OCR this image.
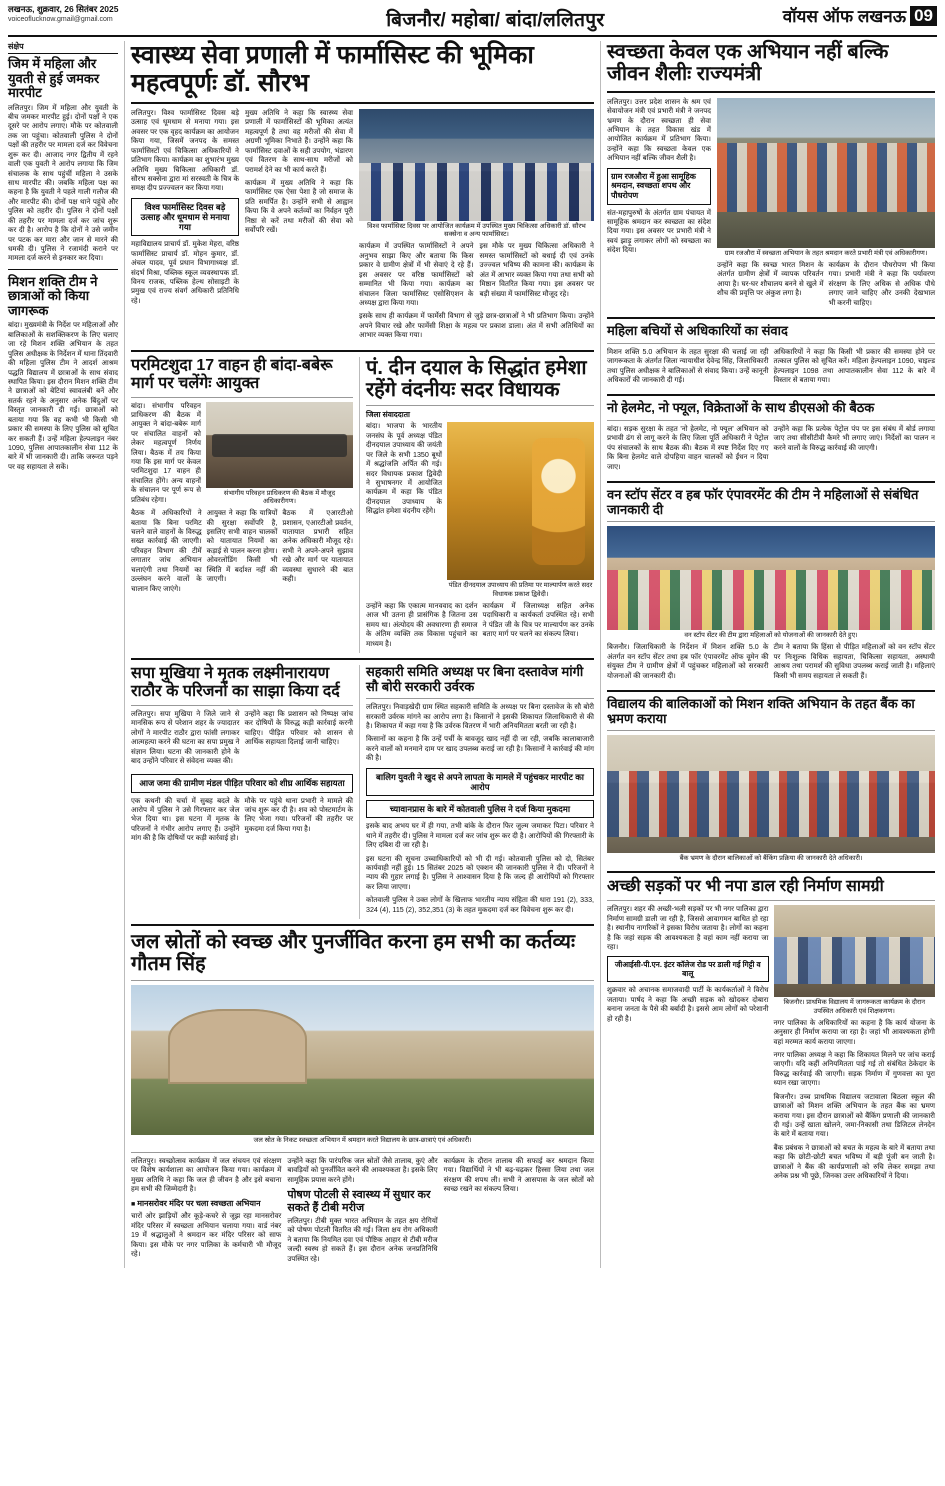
लखनऊ, शुक्रवार, 26 सितंबर 2025
voiceoflucknow.gmail@gmail.com	बिजनौर/ महोबा/ बांदा/ललितपुर	वॉयस ऑफ लखनऊ 09
संक्षेप
जिम में महिला और युवती से हुई जमकर मारपीट

ललितपुर। जिम में महिला और युवती के बीच जमकर मारपीट हुई। दोनों पक्षों ने एक दूसरे पर आरोप लगाए। मौके पर कोतवाली तक जा पहुंचा। कोतवाली पुलिस ने दोनों पक्षों की तहरीर पर मामला दर्ज कर विवेचना शुरू कर दी। आजाद नगर द्वितीय में रहने वाली एक युवती ने आरोप लगाया कि जिम संचालक के साथ पहुंचीं महिला ने उसके साथ मारपीट की। जबकि महिला पक्ष का कहना है कि युवती ने पहले गाली गलौज की और मारपीट की। दोनों पक्ष थाने पहुंचे और पुलिस को तहरीर दी। पुलिस ने दोनों पक्षों की तहरीर पर मामला दर्ज कर जांच शुरू कर दी है। आरोप है कि दोनों ने उसे जमीन पर पटक कर मारा और जान से मारने की धमकी दी। पुलिस ने रजामंदी कराने पर मामला दर्ज करने से इनकार कर दिया।

मिशन शक्ति टीम ने छात्राओं को किया जागरूक

बांदा। मुख्यमंत्री के निर्देश पर महिलाओं और बालिकाओं के सशक्तिकरण के लिए चलाए जा रहे मिशन शक्ति अभियान के तहत पुलिस अधीक्षक के निर्देशन में थाना तिंदवारी की महिला पुलिस टीम ने आदर्श आश्रम पद्धति विद्यालय में छात्राओं के साथ संवाद स्थापित किया। इस दौरान मिशन शक्ति टीम ने छात्राओं को बेटियां स्वावलंबी बनें और सतर्क रहने के अनुसार अनेक बिंदुओं पर विस्तृत जानकारी दी गईं। छात्राओं को बताया गया कि वह कभी भी किसी भी प्रकार की समस्या के लिए पुलिस को सूचित कर सकती हैं। उन्हें महिला हेल्पलाइन नंबर 1090, पुलिस आपातकालीन सेवा 112 के बारे में भी जानकारी दी। ताकि जरूरत पड़ने पर वह सहायता ले सकें।

स्वास्थ्य सेवा प्रणाली में फार्मासिस्ट की भूमिका महत्वपूर्णः डॉ. सौरभ

ललितपुर। विश्व फार्मासिस्ट दिवस बड़े उत्साह एवं धूमधाम से मनाया गया। इस अवसर पर एक वृहद कार्यक्रम का आयोजन किया गया, जिसमें जनपद के समस्त फार्मासिस्टों एवं चिकित्सा अधिकारियों ने प्रतिभाग किया। कार्यक्रम का शुभारंभ मुख्य अतिथि मुख्य चिकित्सा अधिकारी डॉ. सौरभ सक्सेना द्वारा मां सरस्वती के चित्र के समक्ष दीप प्रज्ज्वलन कर किया गया।

विश्व फार्मासिस्ट दिवस बड़े उत्साह और धूमधाम से मनाया गया

महाविद्यालय प्राचार्य डॉ. मुकेश मेहरा, वरिष्ठ फार्मासिस्ट प्राचार्य डॉ. मोहन कुमार, डॉ. अंचल यादव, पूर्व प्रधान विभागाध्यक्ष डॉ. संदर्भ मिश्रा, पब्लिक स्कूल व्यवस्थापक डॉ. विनय राजक, पब्लिक हेल्थ सोसाइटी के प्रमुख एवं राज्य संवर्ग अधिकारी प्रतिनिधि रहे।

मुख्य अतिथि ने कहा कि स्वास्थ्य सेवा प्रणाली में फार्मासिस्टों की भूमिका अत्यंत महत्वपूर्ण है तथा वह मरीजों की सेवा में अग्रणी भूमिका निभाते हैं। उन्होंने कहा कि फार्मासिस्ट दवाओं के सही उपयोग, भंडारण एवं वितरण के साथ-साथ मरीजों को परामर्श देने का भी कार्य करते हैं।

कार्यक्रम में मुख्य अतिथि ने कहा कि फार्मासिस्ट एक ऐसा पेशा है जो समाज के प्रति समर्पित है। उन्होंने सभी से आह्वान किया कि वे अपने कर्तव्यों का निर्वहन पूरी निष्ठा से करें तथा मरीजों की सेवा को सर्वोपरि रखें।	विश्व फार्मासिस्ट दिवस पर आयोजित कार्यक्रम में उपस्थित मुख्य चिकित्सा अधिकारी डॉ. सौरभ सक्सेना व अन्य फार्मासिस्ट।

कार्यक्रम में उपस्थित फार्मासिस्टों ने अपने अनुभव साझा किए और बताया कि किस प्रकार वे ग्रामीण क्षेत्रों में भी सेवाएं दे रहे हैं। इस अवसर पर वरिष्ठ फार्मासिस्टों को सम्मानित भी किया गया। कार्यक्रम का संचालन जिला फार्मासिस्ट एसोसिएशन के अध्यक्ष द्वारा किया गया।

इस मौके पर मुख्य चिकित्सा अधिकारी ने समस्त फार्मासिस्टों को बधाई दी एवं उनके उज्ज्वल भविष्य की कामना की। कार्यक्रम के अंत में आभार व्यक्त किया गया तथा सभी को मिष्ठान वितरित किया गया। इस अवसर पर बड़ी संख्या में फार्मासिस्ट मौजूद रहे।

इसके साथ ही कार्यक्रम में फार्मेसी विभाग से जुड़े छात्र-छात्राओं ने भी प्रतिभाग किया। उन्होंने अपने विचार रखे और फार्मेसी शिक्षा के महत्व पर प्रकाश डाला। अंत में सभी अतिथियों का आभार व्यक्त किया गया।

परमिटशुदा 17 वाहन ही बांदा-बबेरू मार्ग पर चलेंगेः आयुक्त

बांदा। संभागीय परिवहन प्राधिकरण की बैठक में आयुक्त ने बांदा-बबेरू मार्ग पर संचालित वाहनों को लेकर महत्वपूर्ण निर्णय लिया। बैठक में तय किया गया कि इस मार्ग पर केवल परमिटशुदा 17 वाहन ही संचालित होंगे। अन्य वाहनों के संचालन पर पूर्ण रूप से प्रतिबंध रहेगा।

संभागीय परिवहन प्राधिकरण की बैठक में मौजूद अधिकारीगण।

बैठक में अधिकारियों ने बताया कि बिना परमिट चलने वाले वाहनों के विरुद्ध सख्त कार्रवाई की जाएगी। परिवहन विभाग की टीमें लगातार जांच अभियान चलाएंगी तथा नियमों का उल्लंघन करने वालों के चालान किए जाएंगे।

आयुक्त ने कहा कि यात्रियों की सुरक्षा सर्वोपरि है, इसलिए सभी वाहन चालकों को यातायात नियमों का कड़ाई से पालन करना होगा। ओवरलोडिंग किसी भी स्थिति में बर्दाश्त नहीं की जाएगी।

बैठक में एआरटीओ प्रशासन, एआरटीओ प्रवर्तन, यातायात प्रभारी सहित अनेक अधिकारी मौजूद रहे। सभी ने अपने-अपने सुझाव रखे और मार्ग पर यातायात व्यवस्था सुधारने की बात कही।

पं. दीन दयाल के सिद्धांत हमेशा रहेंगे वंदनीयः सदर विधायक
जिला संवाददाता

बांदा। भाजपा के भारतीय जनसंघ के पूर्व अध्यक्ष पंडित दीनदयाल उपाध्याय की जयंती पर जिले के सभी 1350 बूथों में श्रद्धांजलि अर्पित की गई। सदर विधायक प्रकाश द्विवेदी ने सुभाषनगर में आयोजित कार्यक्रम में कहा कि पंडित दीनदयाल उपाध्याय के सिद्धांत हमेशा वंदनीय रहेंगे।

पंडित दीनदयाल उपाध्याय की प्रतिमा पर माल्यार्पण करते सदर विधायक प्रकाश द्विवेदी।

उन्होंने कहा कि एकात्म मानववाद का दर्शन आज भी उतना ही प्रासंगिक है जितना उस समय था। अंत्योदय की अवधारणा ही समाज के अंतिम व्यक्ति तक विकास पहुंचाने का माध्यम है।

कार्यक्रम में जिलाध्यक्ष सहित अनेक पदाधिकारी व कार्यकर्ता उपस्थित रहे। सभी ने पंडित जी के चित्र पर माल्यार्पण कर उनके बताए मार्ग पर चलने का संकल्प लिया।

सपा मुखिया ने मृतक लक्ष्मीनारायण राठौर के परिजनों का साझा किया दर्द

ललितपुर। सपा मुखिया ने जिले जाने से मानसिक रूप से परेशान शहर के ज्यादातर लोगों ने मारपीट राठौर द्वारा फांसी लगाकर आत्महत्या करने की घटना का सपा प्रमुख ने संज्ञान लिया। घटना की जानकारी होने के बाद उन्होंने परिवार से संवेदना व्यक्त की।

उन्होंने कहा कि प्रशासन को निष्पक्ष जांच कर दोषियों के विरुद्ध कड़ी कार्रवाई करनी चाहिए। पीड़ित परिवार को शासन से आर्थिक सहायता दिलाई जानी चाहिए।

आज जमा की ग्रामीण मंडल पीड़ित परिवार को शीघ्र आर्थिक सहायता

एक कथनी की चर्चा में सुबह बदले के आरोप में पुलिस ने उसे गिरफ्तार कर जेल भेज दिया था। इस घटना में मृतक के परिजनों ने गंभीर आरोप लगाए हैं। उन्होंने मांग की है कि दोषियों पर कड़ी कार्रवाई हो।

मौके पर पहुंचे थाना प्रभारी ने मामले की जांच शुरू कर दी है। शव को पोस्टमार्टम के लिए भेजा गया। परिजनों की तहरीर पर मुकदमा दर्ज किया गया है।

सहकारी समिति अध्यक्ष पर बिना दस्तावेज मांगी सौ बोरी सरकारी उर्वरक

ललितपुर। निवाड़खेदी ग्राम स्थित सहकारी समिति के अध्यक्ष पर बिना दस्तावेज के सौ बोरी सरकारी उर्वरक मांगने का आरोप लगा है। किसानों ने इसकी शिकायत जिलाधिकारी से की है। शिकायत में कहा गया है कि उर्वरक वितरण में भारी अनियमितता बरती जा रही है।

किसानों का कहना है कि उन्हें पर्ची के बावजूद खाद नहीं दी जा रही, जबकि कालाबाजारी करने वालों को मनमाने दाम पर खाद उपलब्ध कराई जा रही है। किसानों ने कार्रवाई की मांग की है।

बालिग युवती ने खुद से अपने लापता के मामले में पहुंचकर मारपीट का आरोप
च्यावानप्रास के बारे में कोतवाली पुलिस ने दर्ज किया मुकदमा

इसके बाद अभय घर में ही गया, तभी बांके के दौरान फिर जुल्म जमाकर पिटा। परिवार ने थाने में तहरीर दी। पुलिस ने मामला दर्ज कर जांच शुरू कर दी है। आरोपियों की गिरफ्तारी के लिए दबिश दी जा रही है।

इस घटना की सूचना उच्चाधिकारियों को भी दी गई। कोतवाली पुलिस को दो, सितंबर कार्यवाही नहीं हुई। 15 सितंबर 2025 को एक्शन की जानकारी पुलिस ने दी। परिजनों ने न्याय की गुहार लगाई है। पुलिस ने आश्वासन दिया है कि जल्द ही आरोपियों को गिरफ्तार कर लिया जाएगा।

कोतवाली पुलिस ने उक्त लोगों के खिलाफ भारतीय न्याय संहिता की धारा 191 (2), 333, 324 (4), 115 (2), 352,351 (3) के तहत मुकदमा दर्ज कर विवेचना शुरू कर दी।

जल स्रोतों को स्वच्छ और पुनर्जीवित करना हम सभी का कर्तव्यः गौतम सिंह
जल स्रोत के निकट स्वच्छता अभियान में श्रमदान करते विद्यालय के छात्र-छात्राएं एवं अधिकारी।

ललितपुर। स्वच्छोत्सव कार्यक्रम में जल संचयन एवं संरक्षण पर विशेष कार्यशाला का आयोजन किया गया। कार्यक्रम में मुख्य अतिथि ने कहा कि जल ही जीवन है और इसे बचाना हम सभी की जिम्मेदारी है।

■ मानसरोवर मंदिर पर चला स्वच्छता अभियान

चारों ओर झाड़ियों और कूड़े-कचरे से जूझ रहा मानसरोवर मंदिर परिसर में स्वच्छता अभियान चलाया गया। वार्ड नंबर 19 में श्रद्धालुओं ने श्रमदान कर मंदिर परिसर को साफ किया। इस मौके पर नगर पालिका के कर्मचारी भी मौजूद रहे।

उन्होंने कहा कि पारंपरिक जल स्रोतों जैसे तालाब, कुएं और बावड़ियों को पुनर्जीवित करने की आवश्यकता है। इसके लिए सामूहिक प्रयास करने होंगे।

पोषण पोटली से स्वास्थ्य में सुधार कर सकते हैं टीबी मरीज

ललितपुर। टीबी मुक्त भारत अभियान के तहत क्षय रोगियों को पोषण पोटली वितरित की गई। जिला क्षय रोग अधिकारी ने बताया कि नियमित दवा एवं पौष्टिक आहार से टीबी मरीज जल्दी स्वस्थ हो सकते हैं। इस दौरान अनेक जनप्रतिनिधि उपस्थित रहे।

कार्यक्रम के दौरान तालाब की सफाई कर श्रमदान किया गया। विद्यार्थियों ने भी बढ़-चढ़कर हिस्सा लिया तथा जल संरक्षण की शपथ ली। सभी ने आसपास के जल स्रोतों को स्वच्छ रखने का संकल्प लिया।

स्वच्छता केवल एक अभियान नहीं बल्कि जीवन शैलीः राज्यमंत्री

ललितपुर। उत्तर प्रदेश शासन के श्रम एवं सेवायोजन मंत्री एवं प्रभारी मंत्री ने जनपद भ्रमण के दौरान स्वच्छता ही सेवा अभियान के तहत विकास खंड में आयोजित कार्यक्रम में प्रतिभाग किया। उन्होंने कहा कि स्वच्छता केवल एक अभियान नहीं बल्कि जीवन शैली है।

ग्राम रजऔरा में हुआ सामूहिक श्रमदान, स्वच्छता शपथ और पौधरोपण

संत-महापुरुषों के अंतर्गत ग्राम पंचायत में सामूहिक श्रमदान कर स्वच्छता का संदेश दिया गया। इस अवसर पर प्रभारी मंत्री ने स्वयं झाड़ू लगाकर लोगों को स्वच्छता का संदेश दिया।	ग्राम रजऔरा में स्वच्छता अभियान के तहत श्रमदान करते प्रभारी मंत्री एवं अधिकारीगण।

उन्होंने कहा कि स्वच्छ भारत मिशन के अंतर्गत ग्रामीण क्षेत्रों में व्यापक परिवर्तन आया है। घर-घर शौचालय बनने से खुले में शौच की प्रवृत्ति पर अंकुश लगा है।

कार्यक्रम के दौरान पौधरोपण भी किया गया। प्रभारी मंत्री ने कहा कि पर्यावरण संरक्षण के लिए अधिक से अधिक पौधे लगाए जाने चाहिए और उनकी देखभाल भी करनी चाहिए।

महिला बचियों से अधिकारियों का संवाद

मिशन शक्ति 5.0 अभियान के तहत सुरक्षा की चलाई जा रही जागरूकता के अंतर्गत जिला न्यायाधीश देवेन्द्र सिंह, जिलाधिकारी तथा पुलिस अधीक्षक ने बालिकाओं से संवाद किया। उन्हें कानूनी अधिकारों की जानकारी दी गई।

अधिकारियों ने कहा कि किसी भी प्रकार की समस्या होने पर तत्काल पुलिस को सूचित करें। महिला हेल्पलाइन 1090, चाइल्ड हेल्पलाइन 1098 तथा आपातकालीन सेवा 112 के बारे में विस्तार से बताया गया।

नो हेलमेट, नो फ्यूल, विक्रेताओं के साथ डीएसओ की बैठक

बांदा। सड़क सुरक्षा के तहत 'नो हेलमेट, नो फ्यूल' अभियान को प्रभावी ढंग से लागू करने के लिए जिला पूर्ति अधिकारी ने पेट्रोल पंप संचालकों के साथ बैठक की। बैठक में स्पष्ट निर्देश दिए गए कि बिना हेलमेट वाले दोपहिया वाहन चालकों को ईंधन न दिया जाए।

उन्होंने कहा कि प्रत्येक पेट्रोल पंप पर इस संबंध में बोर्ड लगाया जाए तथा सीसीटीवी कैमरे भी लगाए जाएं। निर्देशों का पालन न करने वालों के विरुद्ध कार्रवाई की जाएगी।

वन स्टॉप सेंटर व हब फॉर एंपावरमेंट की टीम ने महिलाओं से संबंधित जानकारी दी
वन स्टॉप सेंटर की टीम द्वारा महिलाओं को योजनाओं की जानकारी देते हुए।

बिजनौर। जिलाधिकारी के निर्देशन में मिशन शक्ति 5.0 के अंतर्गत वन स्टॉप सेंटर तथा हब फॉर एंपावरमेंट ऑफ वूमेन की संयुक्त टीम ने ग्रामीण क्षेत्रों में पहुंचकर महिलाओं को सरकारी योजनाओं की जानकारी दी।

टीम ने बताया कि हिंसा से पीड़ित महिलाओं को वन स्टॉप सेंटर पर निःशुल्क विधिक सहायता, चिकित्सा सहायता, अस्थायी आश्रय तथा परामर्श की सुविधा उपलब्ध कराई जाती है। महिलाएं किसी भी समय सहायता ले सकती हैं।

विद्यालय की बालिकाओं को मिशन शक्ति अभियान के तहत बैंक का भ्रमण कराया
बैंक भ्रमण के दौरान बालिकाओं को बैंकिंग प्रक्रिया की जानकारी देते अधिकारी।
अच्छी सड़कों पर भी नपा डाल रही निर्माण सामग्री

ललितपुर। शहर की अच्छी-भली सड़कों पर भी नगर पालिका द्वारा निर्माण सामग्री डाली जा रही है, जिससे आवागमन बाधित हो रहा है। स्थानीय नागरिकों ने इसका विरोध जताया है। लोगों का कहना है कि जहां सड़क की आवश्यकता है वहां काम नहीं कराया जा रहा।

जीआईसी-पी.एन. इंटर कॉलेज रोड पर डाली गई गिट्टी व बालू

शुक्रवार को अचानक समाजवादी पार्टी के कार्यकर्ताओं ने विरोध जताया। पार्षद ने कहा कि अच्छी सड़क को खोदकर दोबारा बनाना जनता के पैसे की बर्बादी है। इससे आम लोगों को परेशानी हो रही है।

बिजनौर। प्राथमिक विद्यालय में जागरूकता कार्यक्रम के दौरान उपस्थित अधिकारी एवं शिक्षकगण।

नगर पालिका के अधिकारियों का कहना है कि कार्य योजना के अनुसार ही निर्माण कराया जा रहा है। जहां भी आवश्यकता होगी वहां मरम्मत कार्य कराया जाएगा।

नगर पालिका अध्यक्ष ने कहा कि शिकायत मिलने पर जांच कराई जाएगी। यदि कहीं अनियमितता पाई गई तो संबंधित ठेकेदार के विरुद्ध कार्रवाई की जाएगी। सड़क निर्माण में गुणवत्ता का पूरा ध्यान रखा जाएगा।

बिजनौर। उच्च प्राथमिक विद्यालय जटावाला बिठला स्कूल की छात्राओं को मिशन शक्ति अभियान के तहत बैंक का भ्रमण कराया गया। इस दौरान छात्राओं को बैंकिंग प्रणाली की जानकारी दी गई। उन्हें खाता खोलने, जमा-निकासी तथा डिजिटल लेनदेन के बारे में बताया गया।

बैंक प्रबंधक ने छात्राओं को बचत के महत्व के बारे में बताया तथा कहा कि छोटी-छोटी बचत भविष्य में बड़ी पूंजी बन जाती है। छात्राओं ने बैंक की कार्यप्रणाली को रुचि लेकर समझा तथा अनेक प्रश्न भी पूछे, जिनका उत्तर अधिकारियों ने दिया।
